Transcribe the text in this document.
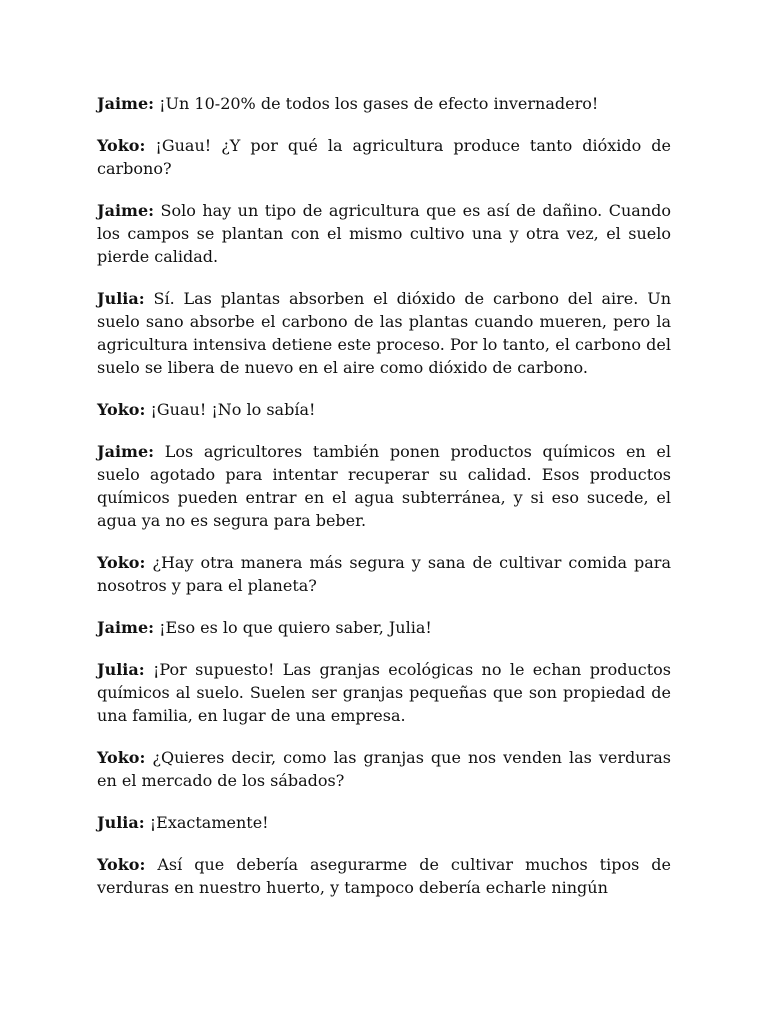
Jaime: ¡Un 10-20% de todos los gases de efecto invernadero!

Yoko: ¡Guau! ¿Y por qué la agricultura produce tanto dióxido de carbono?

Jaime: Solo hay un tipo de agricultura que es así de dañino. Cuando los campos se plantan con el mismo cultivo una y otra vez, el suelo pierde calidad.

Julia: Sí. Las plantas absorben el dióxido de carbono del aire. Un suelo sano absorbe el carbono de las plantas cuando mueren, pero la agricultura intensiva detiene este proceso. Por lo tanto, el carbono del suelo se libera de nuevo en el aire como dióxido de carbono.

Yoko: ¡Guau! ¡No lo sabía!

Jaime: Los agricultores también ponen productos químicos en el suelo agotado para intentar recuperar su calidad. Esos productos químicos pueden entrar en el agua subterránea, y si eso sucede, el agua ya no es segura para beber.

Yoko: ¿Hay otra manera más segura y sana de cultivar comida para nosotros y para el planeta?

Jaime: ¡Eso es lo que quiero saber, Julia!

Julia: ¡Por supuesto! Las granjas ecológicas no le echan productos químicos al suelo. Suelen ser granjas pequeñas que son propiedad de una familia, en lugar de una empresa.

Yoko: ¿Quieres decir, como las granjas que nos venden las verduras en el mercado de los sábados?

Julia: ¡Exactamente!

Yoko: Así que debería asegurarme de cultivar muchos tipos de verduras en nuestro huerto, y tampoco debería echarle ningún
